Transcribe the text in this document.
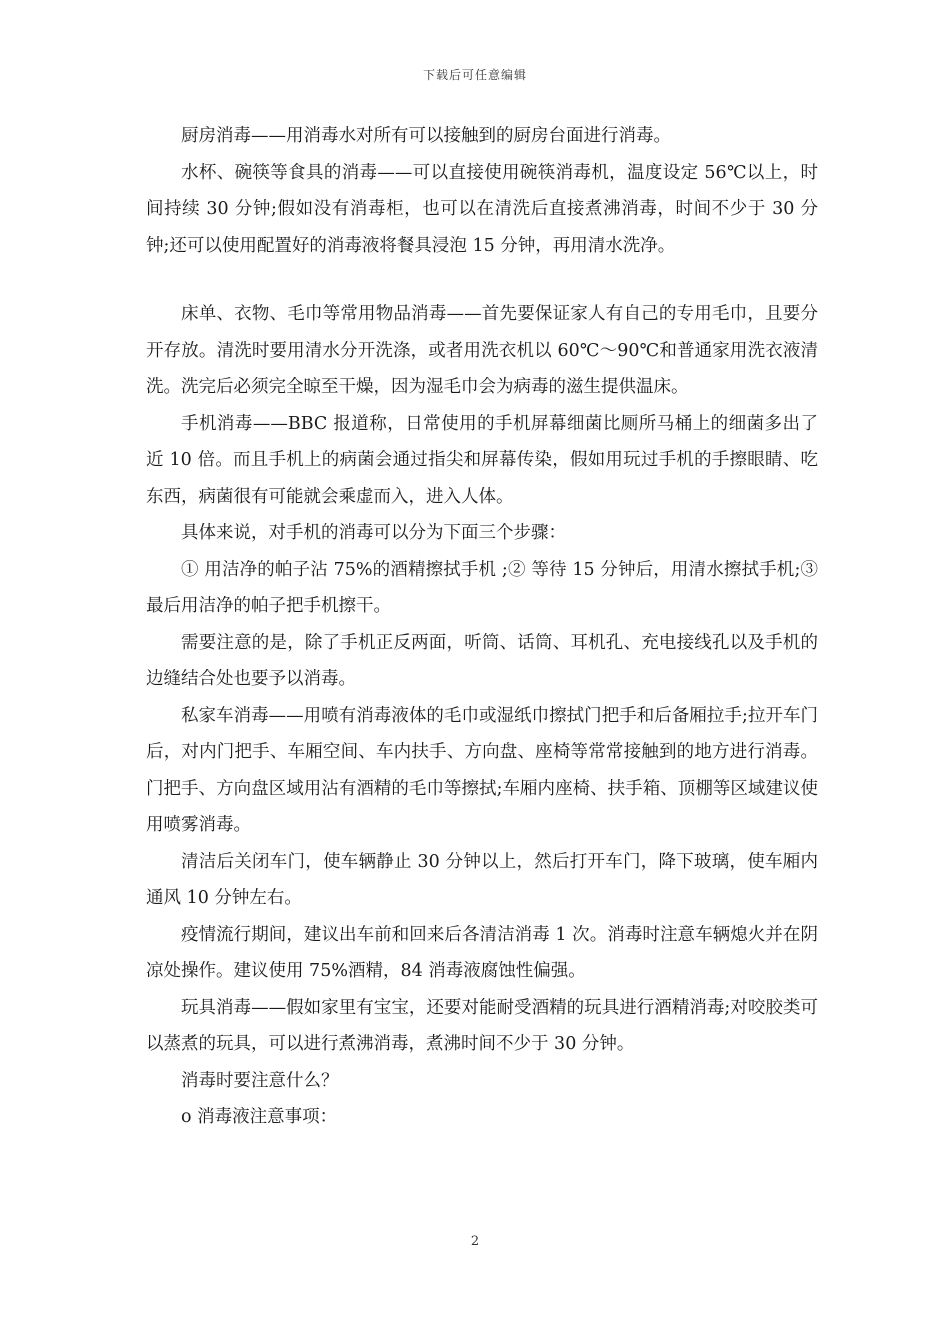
下载后可任意编辑

厨房消毒——用消毒水对所有可以接触到的厨房台面进行消毒。

水杯、碗筷等食具的消毒——可以直接使用碗筷消毒机，温度设定 56℃以上，时间持续 30 分钟;假如没有消毒柜，也可以在清洗后直接煮沸消毒，时间不少于 30 分钟;还可以使用配置好的消毒液将餐具浸泡 15 分钟，再用清水洗净。

床单、衣物、毛巾等常用物品消毒——首先要保证家人有自己的专用毛巾，且要分开存放。清洗时要用清水分开洗涤，或者用洗衣机以 60℃～90℃和普通家用洗衣液清洗。洗完后必须完全晾至干燥，因为湿毛巾会为病毒的滋生提供温床。

手机消毒——BBC 报道称，日常使用的手机屏幕细菌比厕所马桶上的细菌多出了近 10 倍。而且手机上的病菌会通过指尖和屏幕传染，假如用玩过手机的手擦眼睛、吃东西，病菌很有可能就会乘虚而入，进入人体。

具体来说，对手机的消毒可以分为下面三个步骤：

① 用洁净的帕子沾 75%的酒精擦拭手机 ;② 等待 15 分钟后，用清水擦拭手机;③ 最后用洁净的帕子把手机擦干。

需要注意的是，除了手机正反两面，听筒、话筒、耳机孔、充电接线孔以及手机的边缝结合处也要予以消毒。

私家车消毒——用喷有消毒液体的毛巾或湿纸巾擦拭门把手和后备厢拉手;拉开车门后，对内门把手、车厢空间、车内扶手、方向盘、座椅等常常接触到的地方进行消毒。门把手、方向盘区域用沾有酒精的毛巾等擦拭;车厢内座椅、扶手箱、顶棚等区域建议使用喷雾消毒。

清洁后关闭车门，使车辆静止 30 分钟以上，然后打开车门，降下玻璃，使车厢内通风 10 分钟左右。

疫情流行期间，建议出车前和回来后各清洁消毒 1 次。消毒时注意车辆熄火并在阴凉处操作。建议使用 75%酒精，84 消毒液腐蚀性偏强。

玩具消毒——假如家里有宝宝，还要对能耐受酒精的玩具进行酒精消毒;对咬胶类可以蒸煮的玩具，可以进行煮沸消毒，煮沸时间不少于 30 分钟。

消毒时要注意什么？

o 消毒液注意事项：

2
